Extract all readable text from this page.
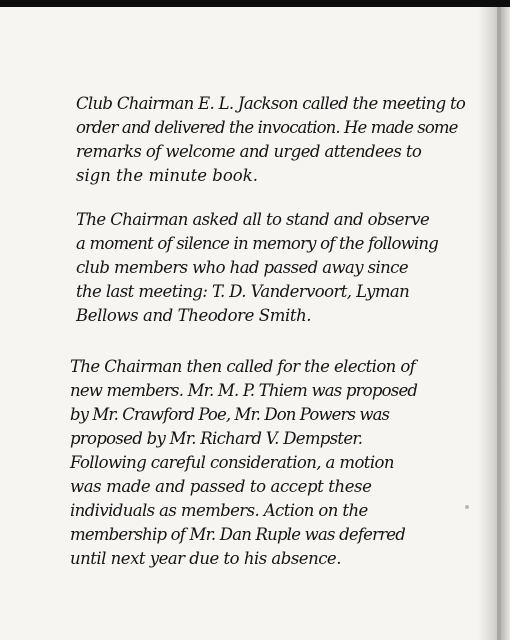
Club Chairman E. L. Jackson called the meeting to
order and delivered the invocation. He made some
remarks of welcome and urged attendees to
sign the minute book.
The Chairman asked all to stand and observe
a moment of silence in memory of the following
club members who had passed away since
the last meeting: T. D. Vandervoort, Lyman
Bellows and Theodore Smith.
The Chairman then called for the election of
new members. Mr. M. P. Thiem was proposed
by Mr. Crawford Poe, Mr. Don Powers was
proposed by Mr. Richard V. Dempster.
Following careful consideration, a motion
was made and passed to accept these
individuals as members. Action on the
membership of Mr. Dan Ruple was deferred
until next year due to his absence.
